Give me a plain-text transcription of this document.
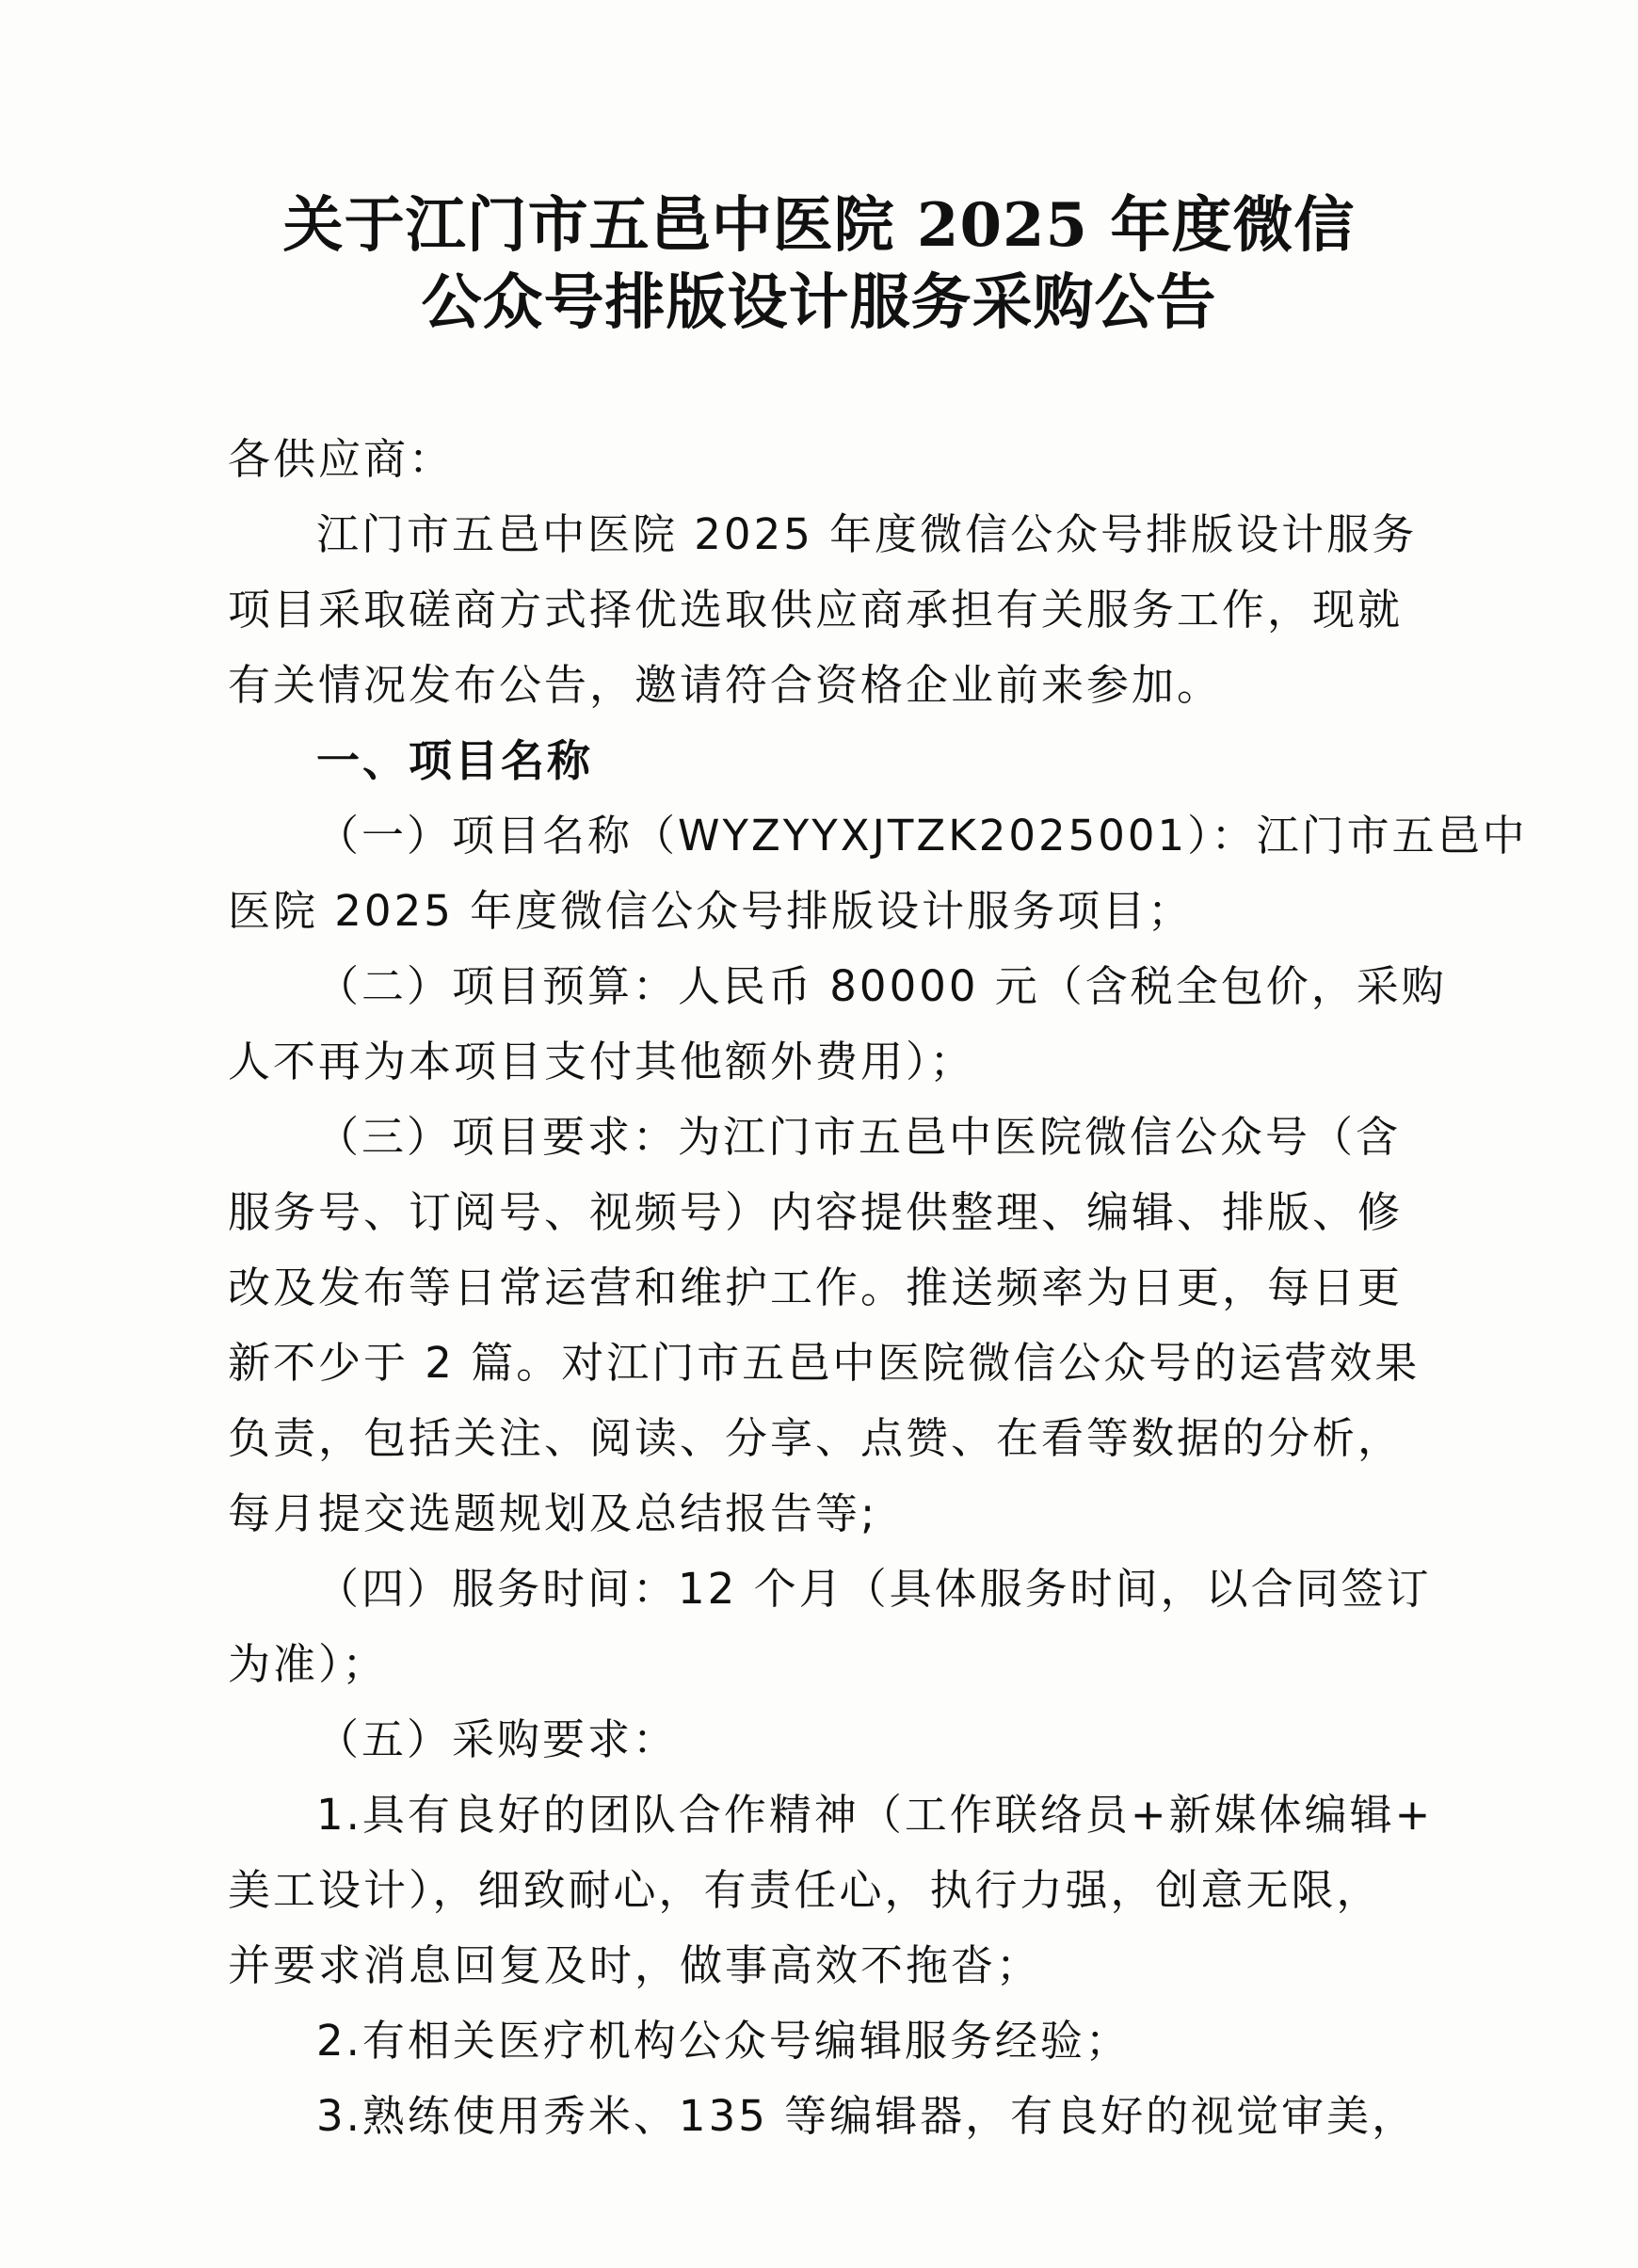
关于江门市五邑中医院 2025 年度微信
公众号排版设计服务采购公告
各供应商：
江门市五邑中医院 2025 年度微信公众号排版设计服务
项目采取磋商方式择优选取供应商承担有关服务工作，现就
有关情况发布公告，邀请符合资格企业前来参加。
一、项目名称
（一）项目名称（WYZYYXJTZK2025001）：江门市五邑中
医院 2025 年度微信公众号排版设计服务项目；
（二）项目预算：人民币 80000 元（含税全包价，采购
人不再为本项目支付其他额外费用）；
（三）项目要求：为江门市五邑中医院微信公众号（含
服务号、订阅号、视频号）内容提供整理、编辑、排版、修
改及发布等日常运营和维护工作。推送频率为日更，每日更
新不少于 2 篇。对江门市五邑中医院微信公众号的运营效果
负责，包括关注、阅读、分享、点赞、在看等数据的分析，
每月提交选题规划及总结报告等;
（四）服务时间：12 个月（具体服务时间，以合同签订
为准）；
（五）采购要求：
1.具有良好的团队合作精神（工作联络员+新媒体编辑+
美工设计），细致耐心，有责任心，执行力强，创意无限，
并要求消息回复及时，做事高效不拖沓；
2.有相关医疗机构公众号编辑服务经验；
3.熟练使用秀米、135 等编辑器，有良好的视觉审美，
